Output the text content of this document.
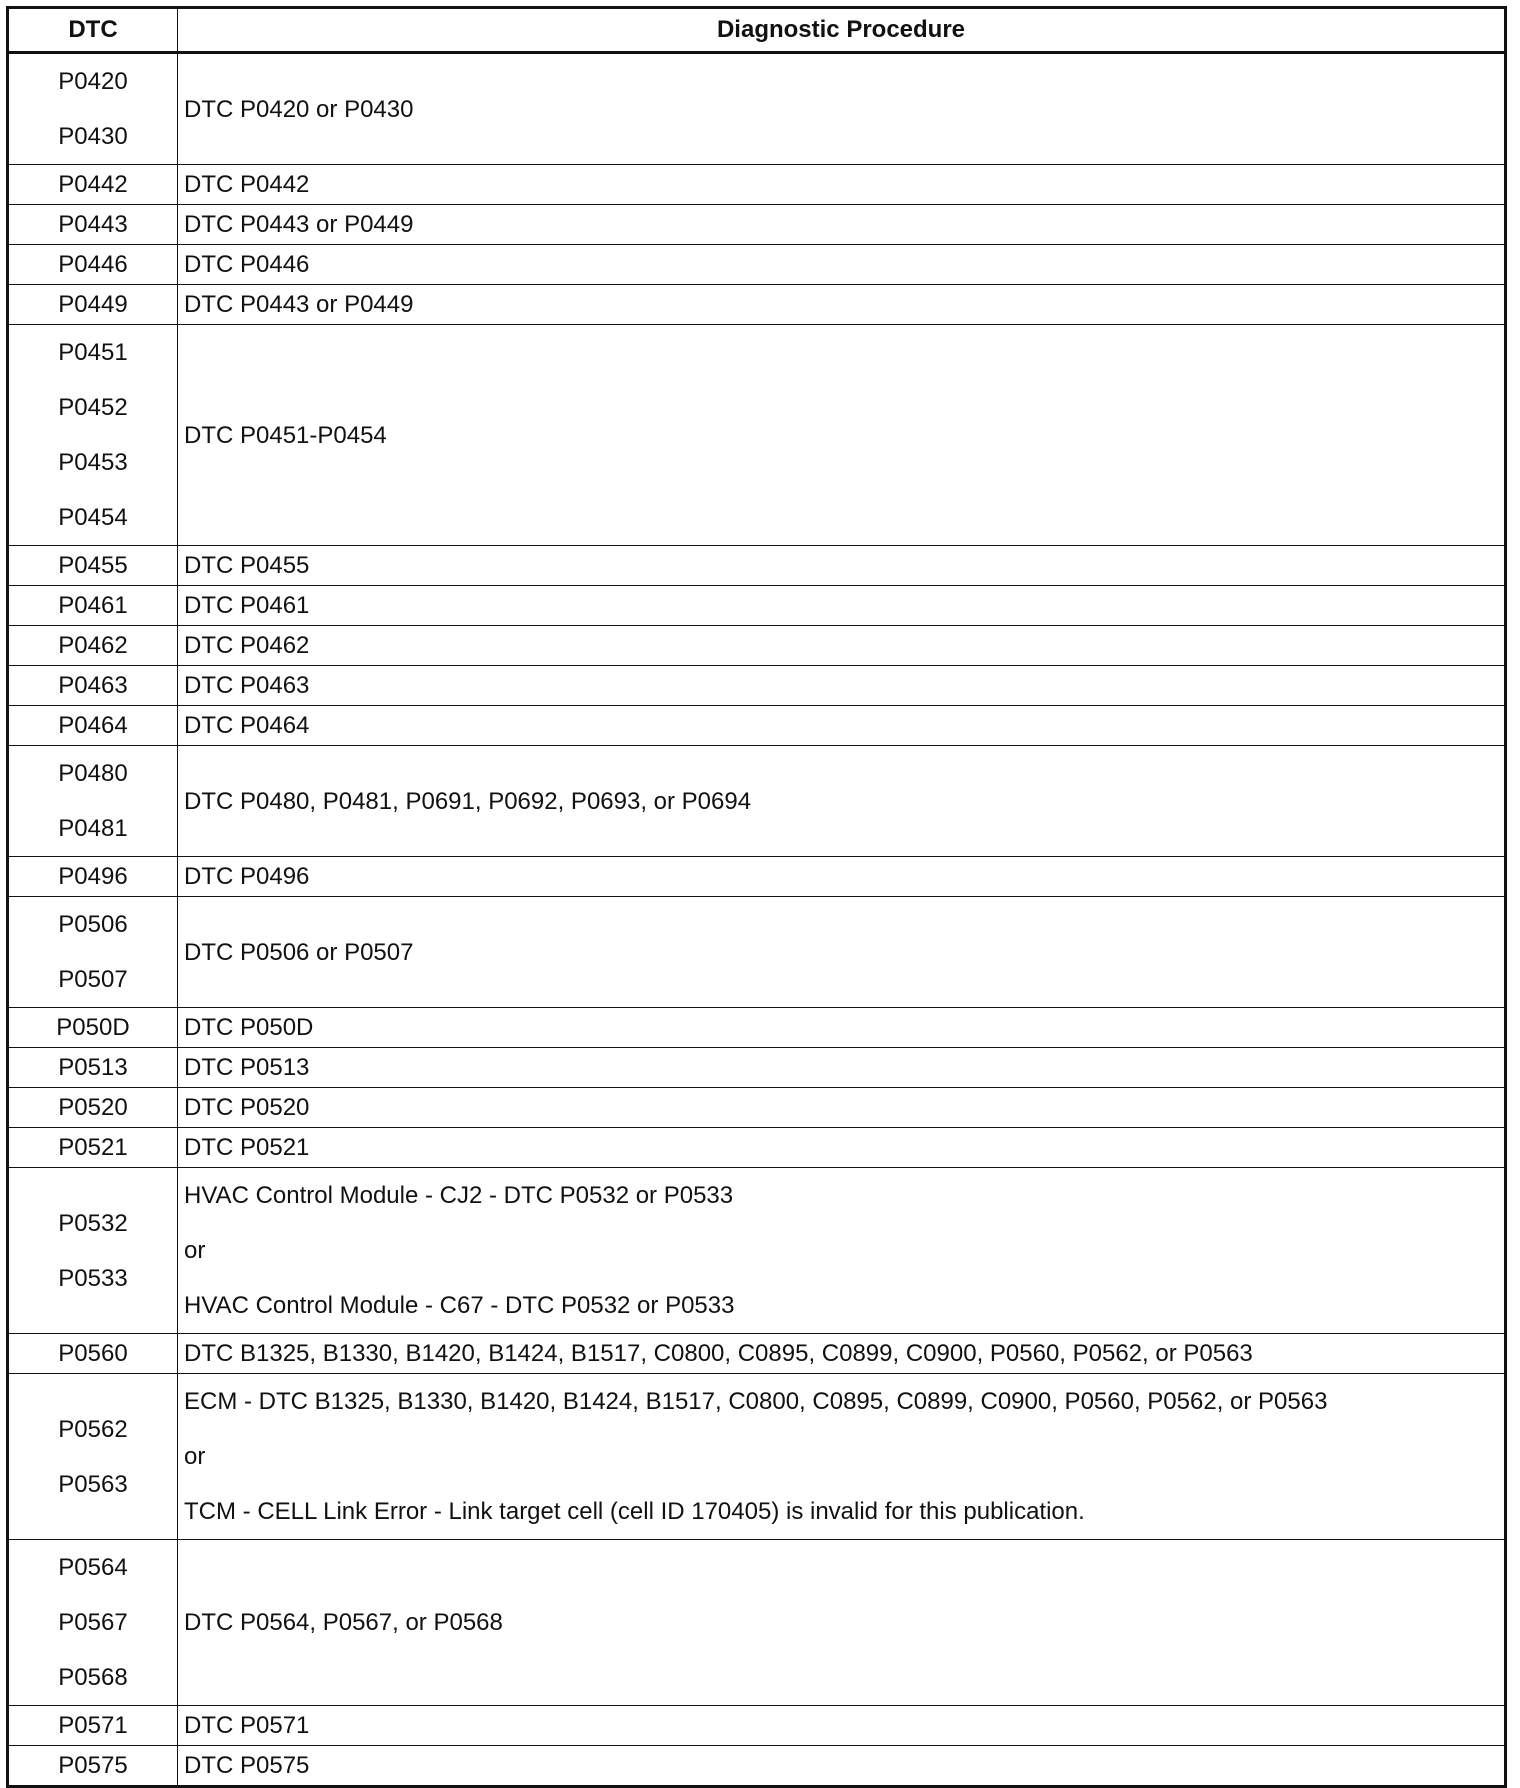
DTC	Diagnostic Procedure

P0420
P0430	DTC P0420 or P0430

P0442	DTC P0442

P0443	DTC P0443 or P0449

P0446	DTC P0446

P0449	DTC P0443 or P0449

P0451
P0452
P0453
P0454	DTC P0451-P0454

P0455	DTC P0455

P0461	DTC P0461

P0462	DTC P0462

P0463	DTC P0463

P0464	DTC P0464

P0480
P0481	DTC P0480, P0481, P0691, P0692, P0693, or P0694

P0496	DTC P0496

P0506
P0507	DTC P0506 or P0507

P050D	DTC P050D

P0513	DTC P0513

P0520	DTC P0520

P0521	DTC P0521

P0532
P0533	HVAC Control Module - CJ2 - DTC P0532 or P0533
or
HVAC Control Module - C67 - DTC P0532 or P0533

P0560	DTC B1325, B1330, B1420, B1424, B1517, C0800, C0895, C0899, C0900, P0560, P0562, or P0563

P0562
P0563	ECM - DTC B1325, B1330, B1420, B1424, B1517, C0800, C0895, C0899, C0900, P0560, P0562, or P0563
or
TCM - CELL Link Error - Link target cell (cell ID 170405) is invalid for this publication.

P0564
P0567
P0568	DTC P0564, P0567, or P0568

P0571	DTC P0571

P0575	DTC P0575
